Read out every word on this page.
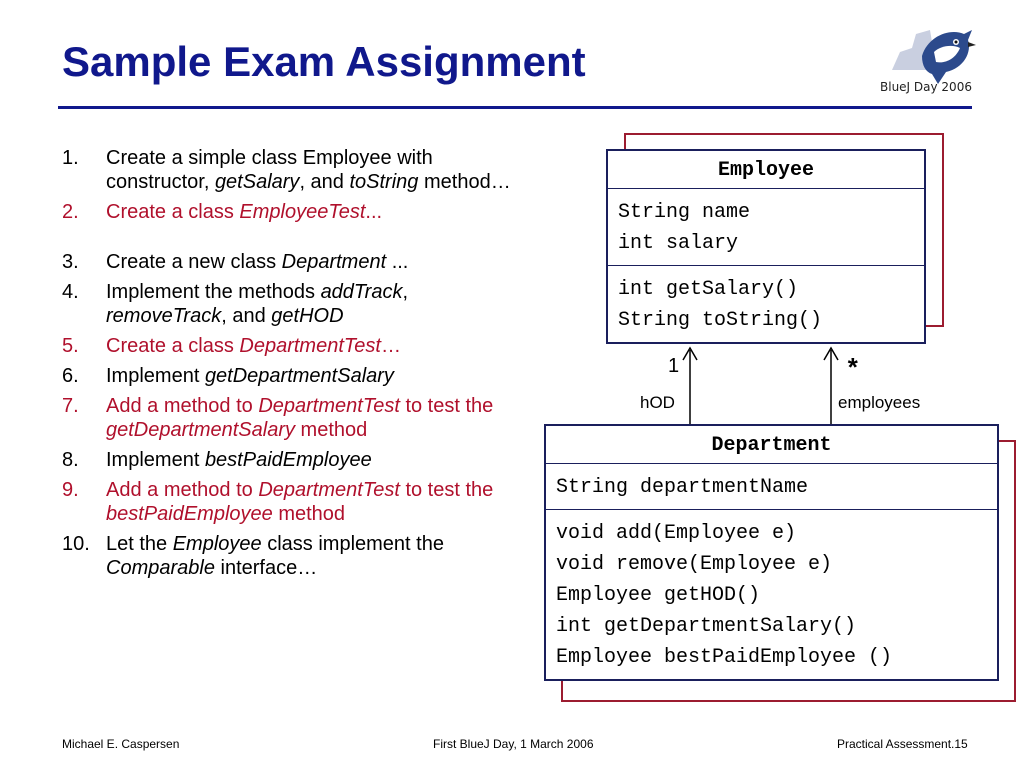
Sample Exam Assignment
BlueJ Day 2006
1. Create a simple class Employee with constructor, getSalary, and toString method…
2. Create a class EmployeeTest...
3. Create a new class Department ...
4. Implement the methods addTrack, removeTrack, and getHOD
5. Create a class DepartmentTest…
6. Implement getDepartmentSalary
7. Add a method to DepartmentTest to test the getDepartmentSalary method
8. Implement bestPaidEmployee
9. Add a method to DepartmentTest to test the bestPaidEmployee method
10. Let the Employee class implement the Comparable interface…
Employee
String name
int salary
int getSalary()
String toString()
1
hOD
*
employees
Department
String departmentName
void add(Employee e)
void remove(Employee e)
Employee getHOD()
int getDepartmentSalary()
Employee bestPaidEmployee ()
Michael E. Caspersen	First BlueJ Day, 1 March 2006	Practical Assessment.15
